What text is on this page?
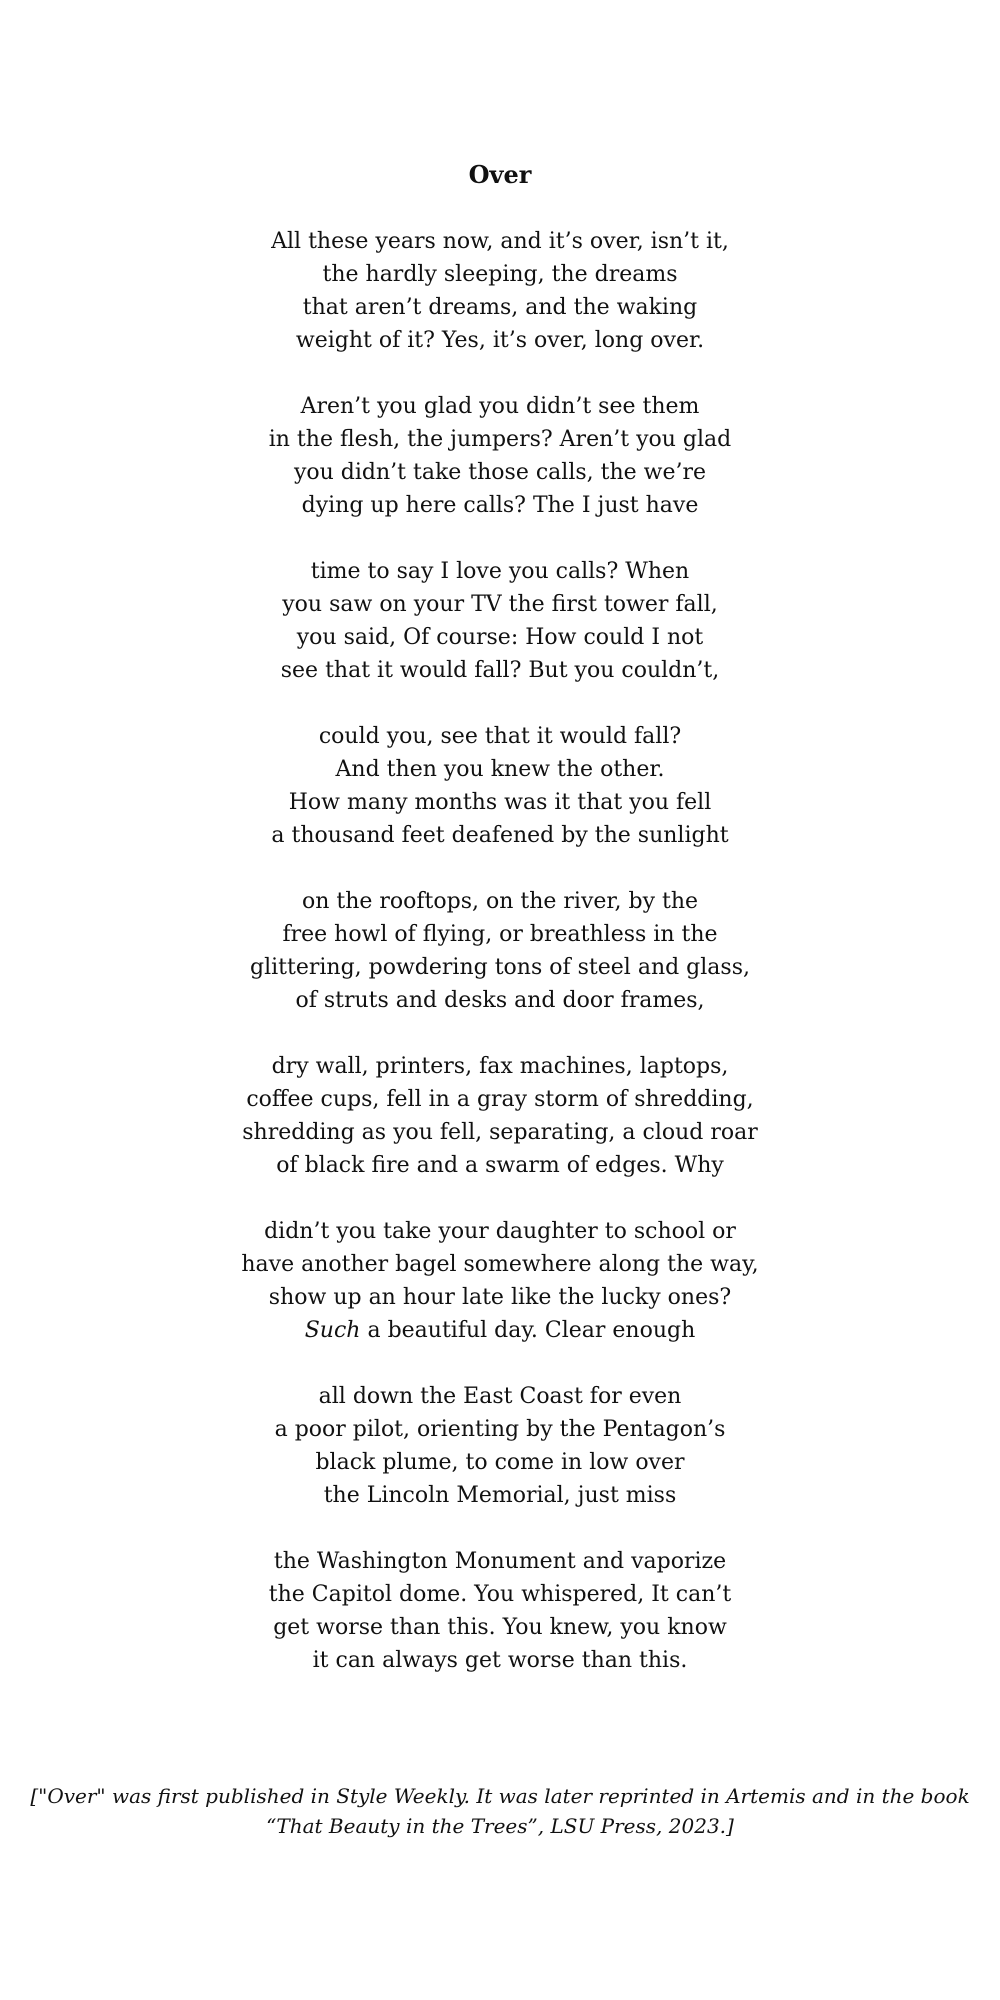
Over
All these years now, and it’s over, isn’t it,
the hardly sleeping, the dreams
that aren’t dreams, and the waking
weight of it? Yes, it’s over, long over.
Aren’t you glad you didn’t see them
in the flesh, the jumpers? Aren’t you glad
you didn’t take those calls, the we’re
dying up here calls? The I just have
time to say I love you calls? When
you saw on your TV the first tower fall,
you said, Of course: How could I not
see that it would fall? But you couldn’t,
could you, see that it would fall?
And then you knew the other.
How many months was it that you fell
a thousand feet deafened by the sunlight
on the rooftops, on the river, by the
free howl of flying, or breathless in the
glittering, powdering tons of steel and glass,
of struts and desks and door frames,
dry wall, printers, fax machines, laptops,
coffee cups, fell in a gray storm of shredding,
shredding as you fell, separating, a cloud roar
of black fire and a swarm of edges. Why
didn’t you take your daughter to school or
have another bagel somewhere along the way,
show up an hour late like the lucky ones?
Such a beautiful day. Clear enough
all down the East Coast for even
a poor pilot, orienting by the Pentagon’s
black plume, to come in low over
the Lincoln Memorial, just miss
the Washington Monument and vaporize
the Capitol dome. You whispered, It can’t
get worse than this. You knew, you know
it can always get worse than this.

["Over" was first published in Style Weekly. It was later reprinted in Artemis and in the book “That Beauty in the Trees”, LSU Press, 2023.]
